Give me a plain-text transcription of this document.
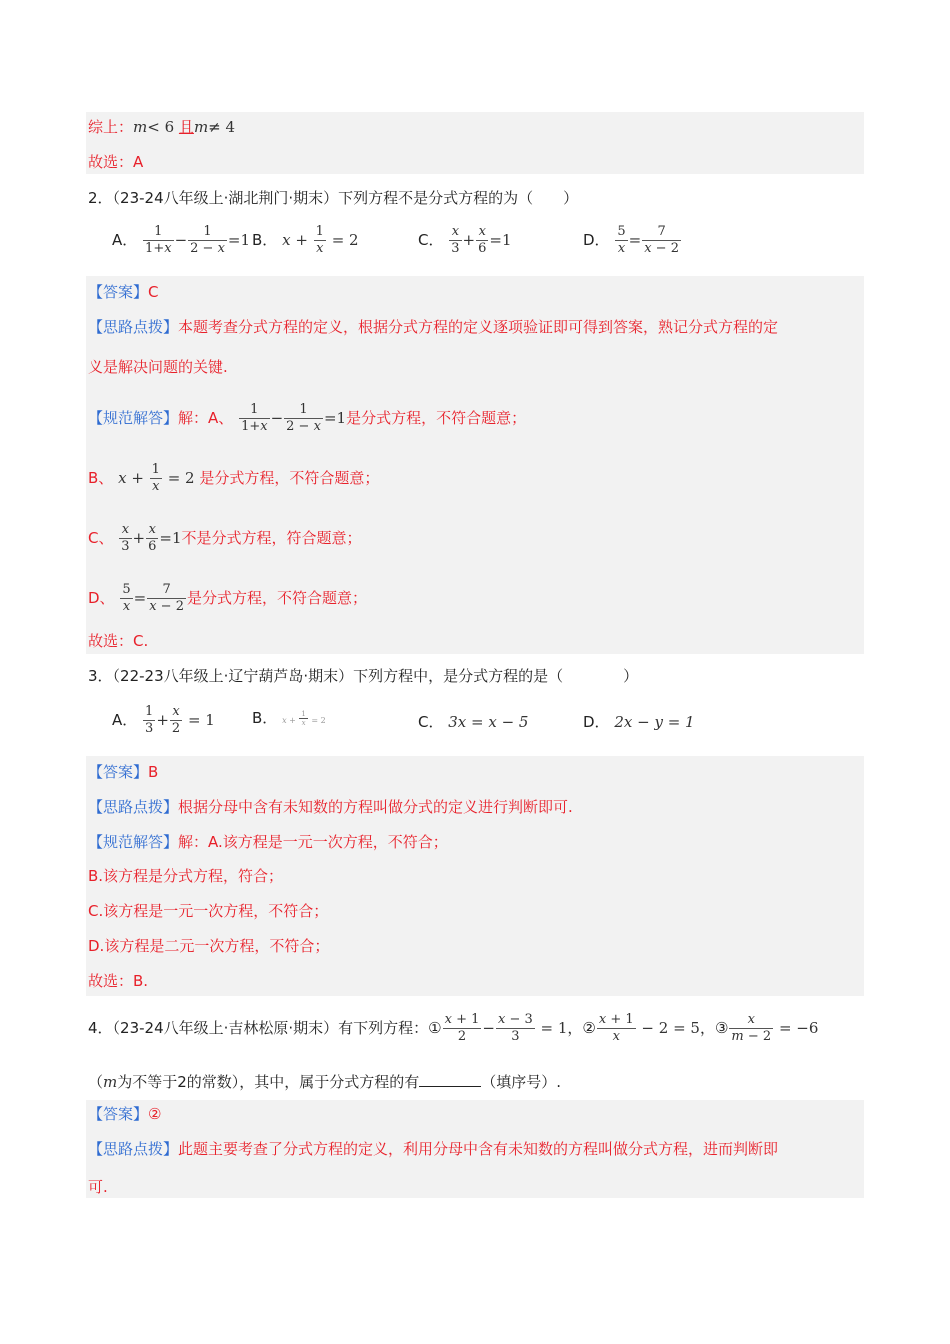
综上：m< 6 且m≠ 4
故选：A
2．（23-24八年级上·湖北荆门·期末）下列方程不是分式方程的为（　　）
A． $\frac{1}{1+x} - \frac{1}{2 - x} =1$ B． $x + \frac{1}{x} = 2$	C． $\frac{x}{3} + \frac{x}{6} =1$	D． $\frac{5}{x} = \frac{7}{x - 2}$
【答案】C
【思路点拨】本题考查分式方程的定义，根据分式方程的定义逐项验证即可得到答案，熟记分式方程的定
义是解决问题的关键.
【规范解答】解：A、 $\frac{1}{1+x} - \frac{1}{2 - x} =1$是分式方程，不符合题意；
B、 $x + \frac{1}{x} = 2$ 是分式方程，不符合题意；
C、 $\frac{x}{3} + \frac{x}{6} =1$不是分式方程，符合题意；
D、 $\frac{5}{x} = \frac{7}{x - 2}$ 是分式方程，不符合题意；
故选：C.
3．（22-23八年级上·辽宁葫芦岛·期末）下列方程中，是分式方程的是（　　　　）
A． $\frac{1}{3} + \frac{x}{2} = 1$ B． $x + \frac{1}{x} = 2$	C． 3x = x − 5	D． 2x − y = 1
【答案】B
【思路点拨】根据分母中含有未知数的方程叫做分式的定义进行判断即可.
【规范解答】解：A.该方程是一元一次方程，不符合；
B.该方程是分式方程，符合；
C.该方程是一元一次方程，不符合；
D.该方程是二元一次方程，不符合；
故选：B.
4．（23-24八年级上·吉林松原·期末）有下列方程：① $\frac{x + 1}{2} - \frac{x - 3}{3} = 1$，② $\frac{x + 1}{x} - 2 = 5$，③ $\frac{x}{m - 2} = -6$
（m为不等于2的常数），其中，属于分式方程的有	（填序号）.
【答案】②
【思路点拨】此题主要考查了分式方程的定义，利用分母中含有未知数的方程叫做分式方程，进而判断即
可.
